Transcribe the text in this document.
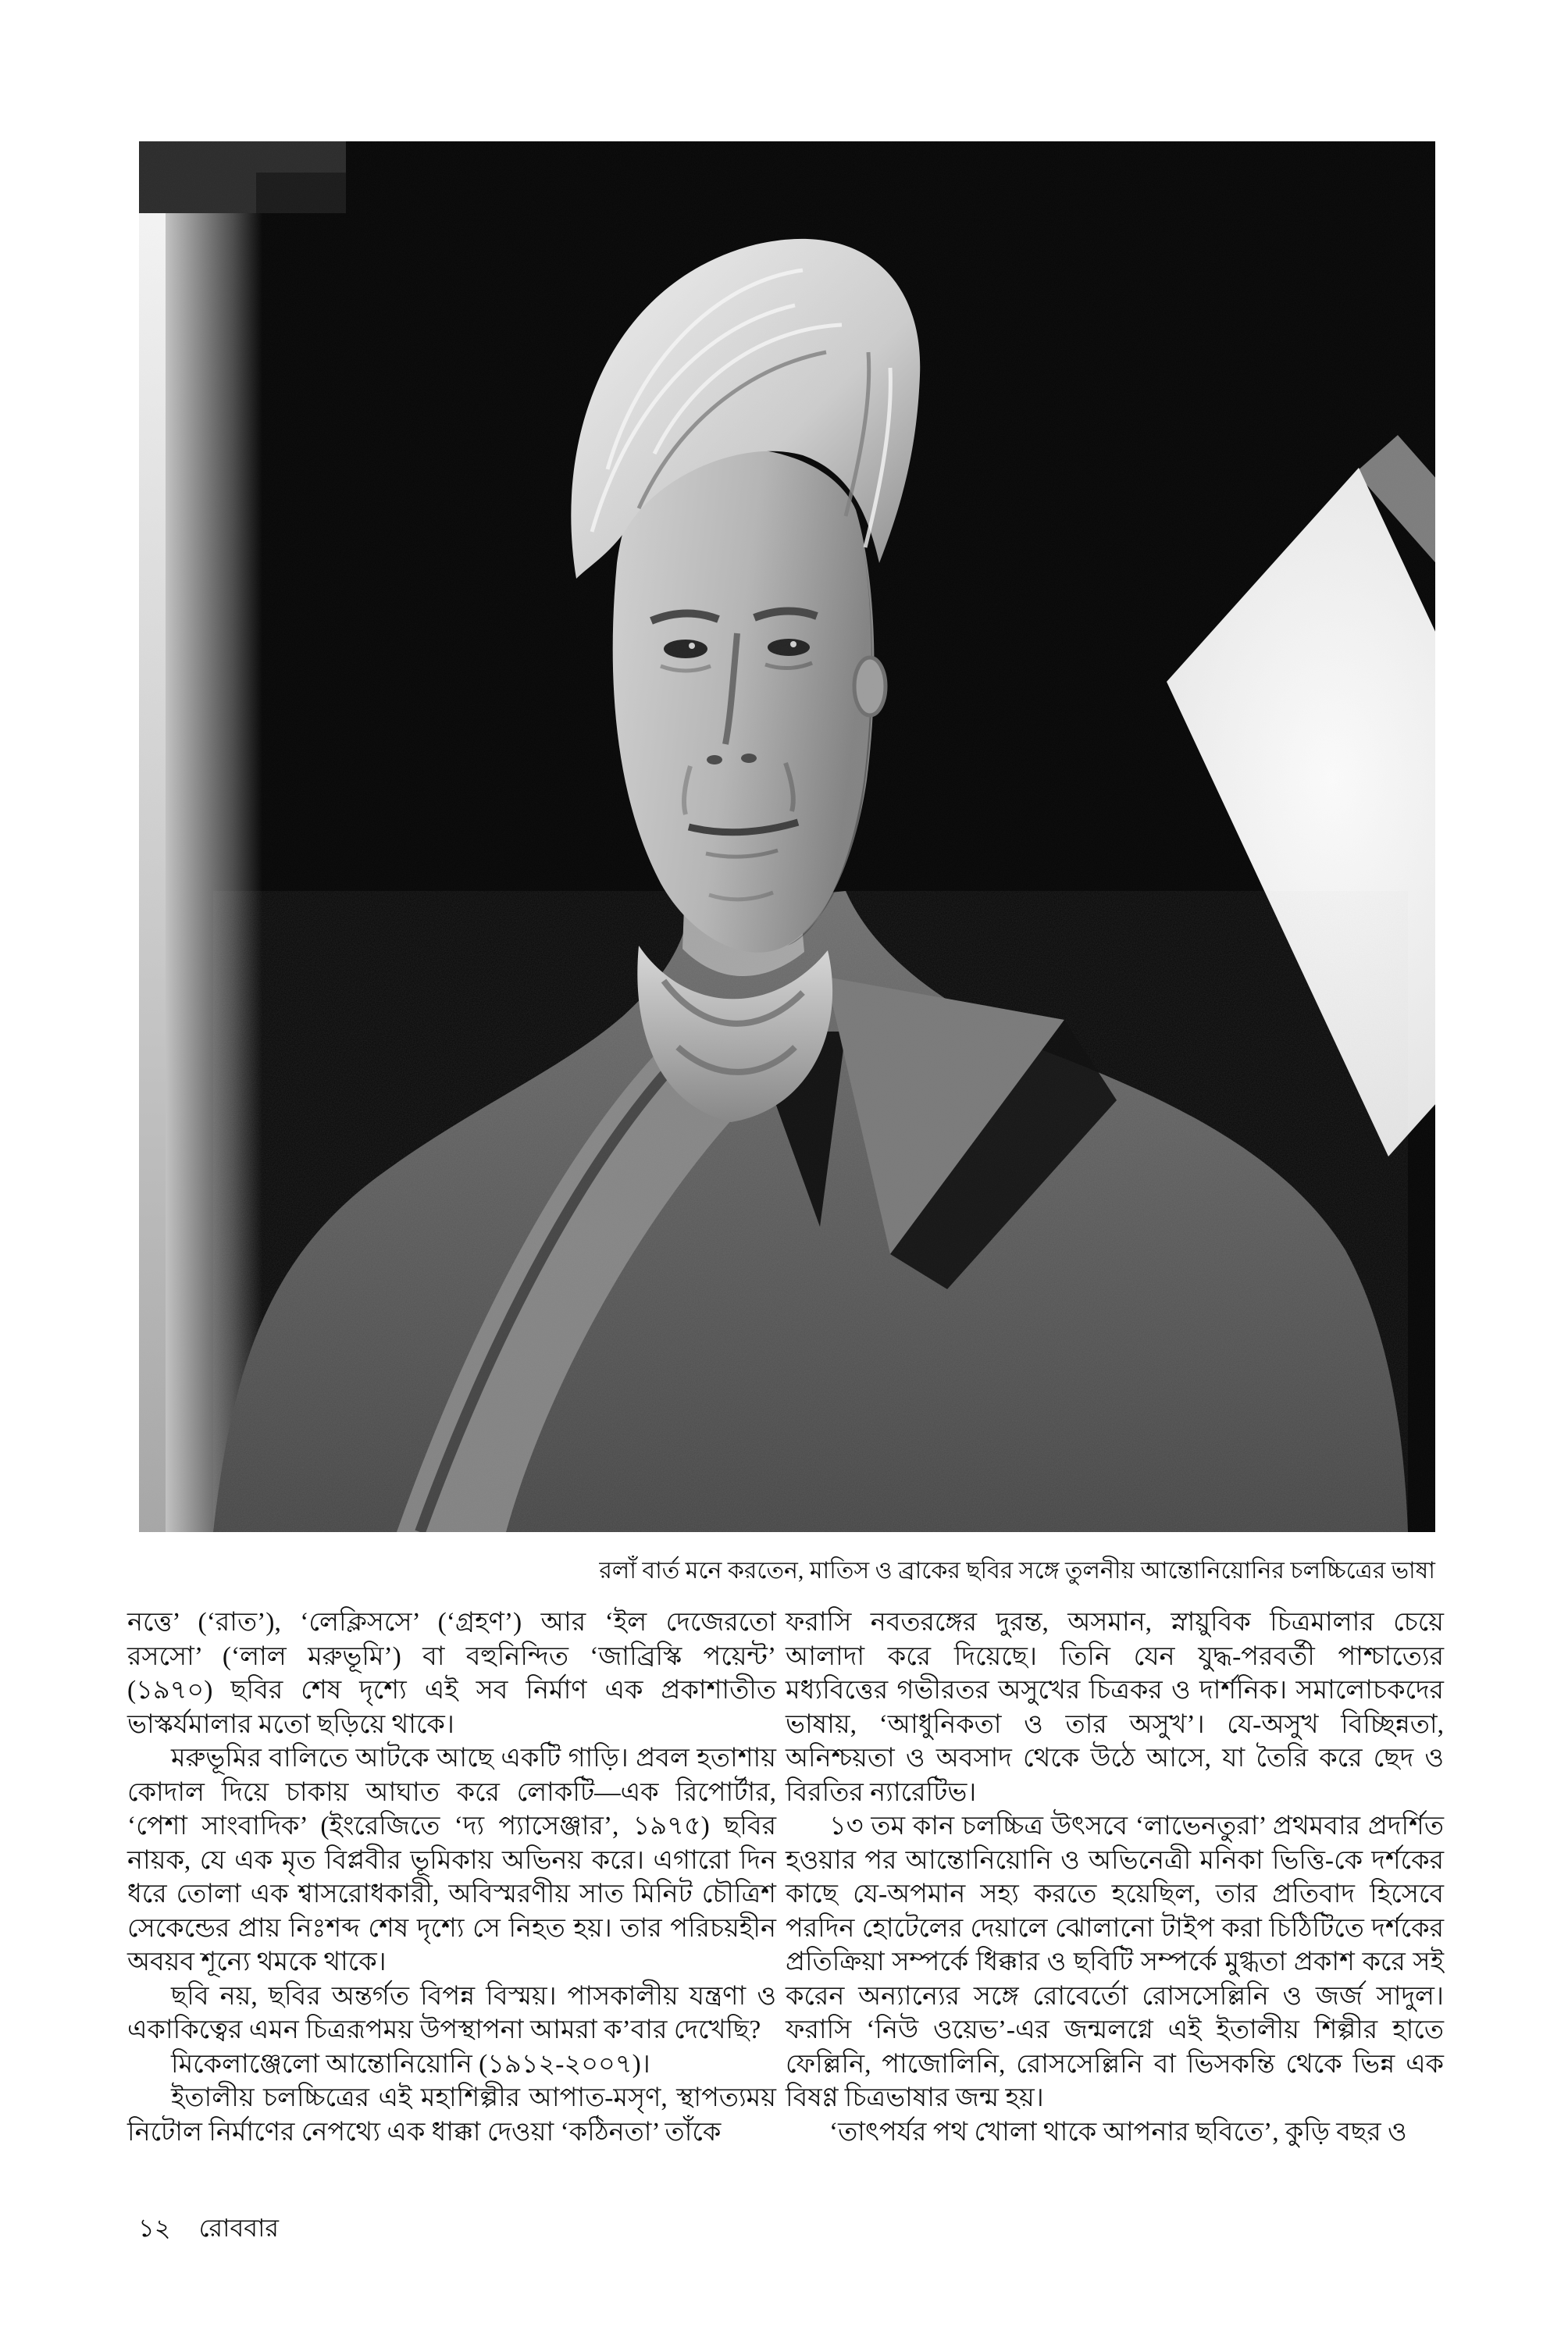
রলাঁ বার্ত মনে করতেন, মাতিস ও ব্রাকের ছবির সঙ্গে তুলনীয় আন্তোনিয়োনির চলচ্চিত্রের ভাষা

নত্তে’ (‘রাত’), ‘লেক্লিসসে’ (‘গ্রহণ’) আর ‘ইল দেজেরতো রসসো’ (‘লাল মরুভূমি’) বা বহুনিন্দিত ‘জাব্রিস্কি পয়েন্ট’ (১৯৭০) ছবির শেষ দৃশ্যে এই সব নির্মাণ এক প্রকাশাতীত ভাস্কর্যমালার মতো ছড়িয়ে থাকে।

মরুভূমির বালিতে আটকে আছে একটি গাড়ি। প্রবল হতাশায় কোদাল দিয়ে চাকায় আঘাত করে লোকটি—এক রিপোর্টার, ‘পেশা সাংবাদিক’ (ইংরেজিতে ‘দ্য প্যাসেঞ্জার’, ১৯৭৫) ছবির নায়ক, যে এক মৃত বিপ্লবীর ভূমিকায় অভিনয় করে। এগারো দিন ধরে তোলা এক শ্বাসরোধকারী, অবিস্মরণীয় সাত মিনিট চৌত্রিশ সেকেন্ডের প্রায় নিঃশব্দ শেষ দৃশ্যে সে নিহত হয়। তার পরিচয়হীন অবয়ব শূন্যে থমকে থাকে।

ছবি নয়, ছবির অন্তর্গত বিপন্ন বিস্ময়। পাসকালীয় যন্ত্রণা ও একাকিত্বের এমন চিত্ররূপময় উপস্থাপনা আমরা ক’বার দেখেছি?

মিকেলাঞ্জেলো আন্তোনিয়োনি (১৯১২-২০০৭)।

ইতালীয় চলচ্চিত্রের এই মহাশিল্পীর আপাত-মসৃণ, স্থাপত্যময় নিটোল নির্মাণের নেপথ্যে এক ধাক্কা দেওয়া ‘কঠিনতা’ তাঁকে

ফরাসি নবতরঙ্গের দুরন্ত, অসমান, স্নায়ুবিক চিত্রমালার চেয়ে আলাদা করে দিয়েছে। তিনি যেন যুদ্ধ-পরবর্তী পাশ্চাত্যের মধ্যবিত্তের গভীরতর অসুখের চিত্রকর ও দার্শনিক। সমালোচকদের ভাষায়, ‘আধুনিকতা ও তার অসুখ’। যে-অসুখ বিচ্ছিন্নতা, অনিশ্চয়তা ও অবসাদ থেকে উঠে আসে, যা তৈরি করে ছেদ ও বিরতির ন্যারেটিভ।

১৩ তম কান চলচ্চিত্র উৎসবে ‘লাভেনতুরা’ প্রথমবার প্রদর্শিত হওয়ার পর আন্তোনিয়োনি ও অভিনেত্রী মনিকা ভিত্তি-কে দর্শকের কাছে যে-অপমান সহ্য করতে হয়েছিল, তার প্রতিবাদ হিসেবে পরদিন হোটেলের দেয়ালে ঝোলানো টাইপ করা চিঠিটিতে দর্শকের প্রতিক্রিয়া সম্পর্কে ধিক্কার ও ছবিটি সম্পর্কে মুগ্ধতা প্রকাশ করে সই করেন অন্যান্যের সঙ্গে রোবের্তো রোসসেল্লিনি ও জর্জ সাদুল। ফরাসি ‘নিউ ওয়েভ’-এর জন্মলগ্নে এই ইতালীয় শিল্পীর হাতে ফেল্লিনি, পাজোলিনি, রোসসেল্লিনি বা ভিসকন্তি থেকে ভিন্ন এক বিষণ্ণ চিত্রভাষার জন্ম হয়।

‘তাৎপর্যর পথ খোলা থাকে আপনার ছবিতে’, কুড়ি বছর ও

১২ রোববার
